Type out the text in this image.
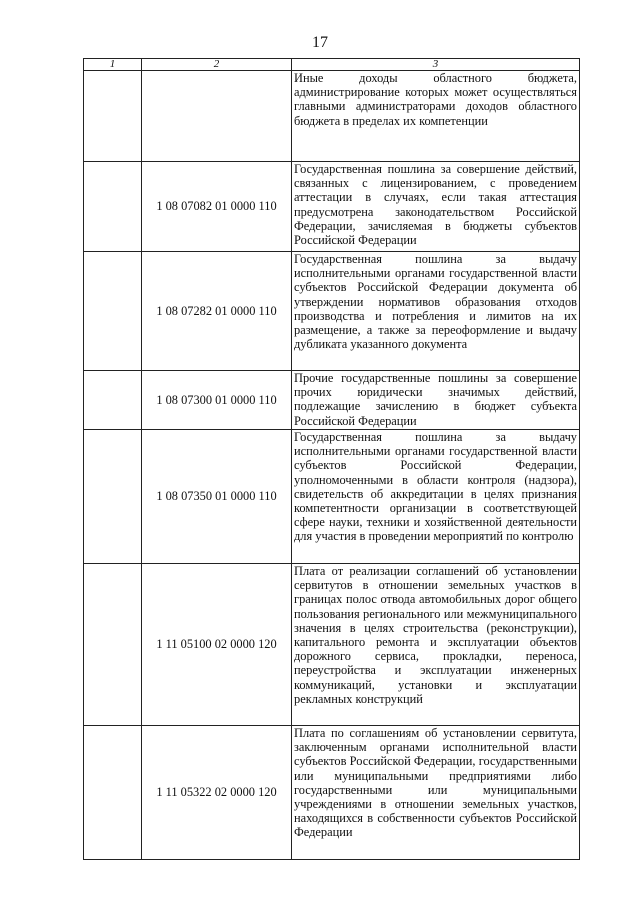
17
1	2	3
		Иные доходы областного бюджета, администрирование которых может осуществляться главными администраторами доходов областного бюджета в пределах их компетенции
	1 08 07082 01 0000 110	Государственная пошлина за совершение действий, связанных с лицензированием, с проведением аттестации в случаях, если такая аттестация предусмотрена законодательством Российской Федерации, зачисляемая в бюджеты субъектов Российской Федерации
	1 08 07282 01 0000 110	Государственная пошлина за выдачу исполнительными органами государственной власти субъектов Российской Федерации документа об утверждении нормативов образования отходов производства и потребления и лимитов на их размещение, а также за переоформление и выдачу дубликата указанного документа
	1 08 07300 01 0000 110	Прочие государственные пошлины за совершение прочих юридически значимых действий, подлежащие зачислению в бюджет субъекта Российской Федерации
	1 08 07350 01 0000 110	Государственная пошлина за выдачу исполнительными органами государственной власти субъектов Российской Федерации, уполномоченными в области контроля (надзора), свидетельств об аккредитации в целях признания компетентности организации в соответствующей сфере науки, техники и хозяйственной деятельности для участия в проведении мероприятий по контролю
	1 11 05100 02 0000 120	Плата от реализации соглашений об установлении сервитутов в отношении земельных участков в границах полос отвода автомобильных дорог общего пользования регионального или межмуниципального значения в целях строительства (реконструкции), капитального ремонта и эксплуатации объектов дорожного сервиса, прокладки, переноса, переустройства и эксплуатации инженерных коммуникаций, установки и эксплуатации рекламных конструкций
	1 11 05322 02 0000 120	Плата по соглашениям об установлении сервитута, заключенным органами исполнительной власти субъектов Российской Федерации, государственными или муниципальными предприятиями либо государственными или муниципальными учреждениями в отношении земельных участков, находящихся в собственности субъектов Российской Федерации
